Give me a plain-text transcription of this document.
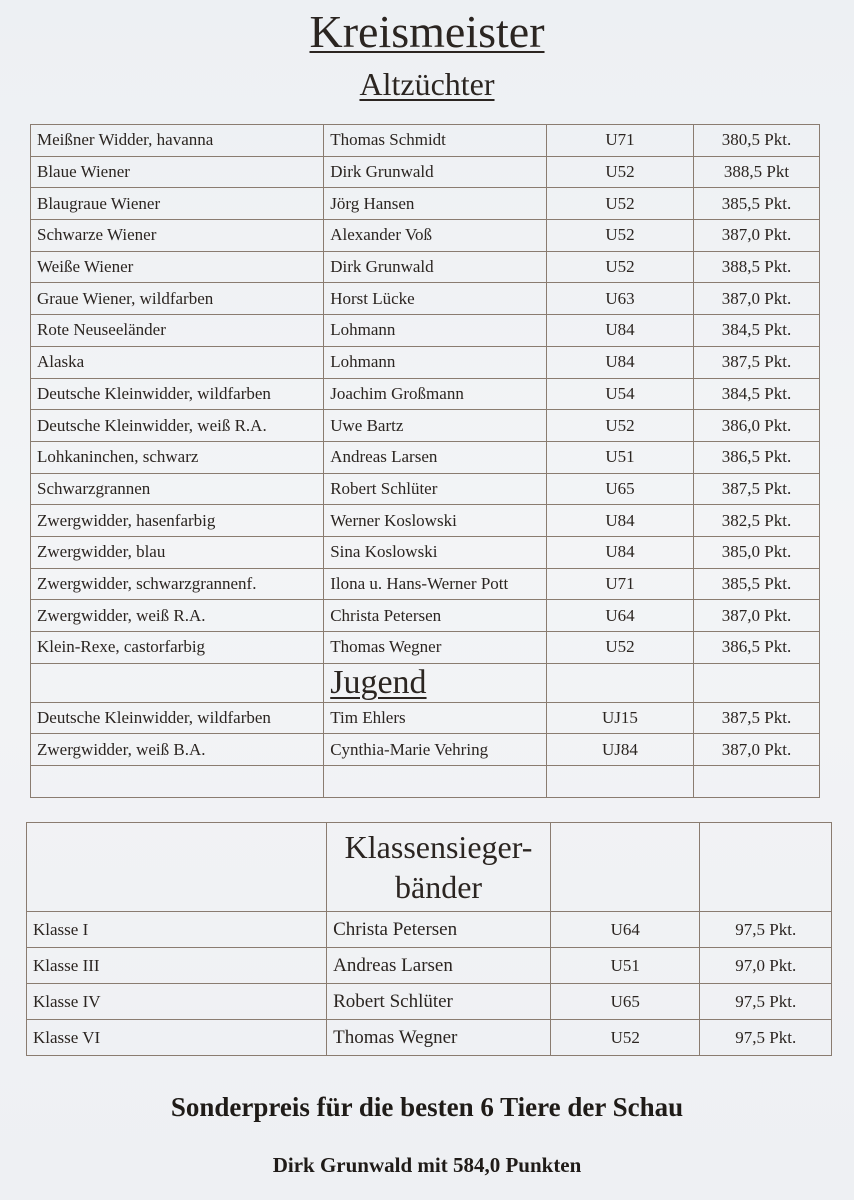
Kreismeister
Altzüchter
Meißner Widder, havanna	Thomas Schmidt	U71	380,5 Pkt.
Blaue Wiener	Dirk Grunwald	U52	388,5 Pkt
Blaugraue Wiener	Jörg Hansen	U52	385,5 Pkt.
Schwarze Wiener	Alexander Voß	U52	387,0 Pkt.
Weiße Wiener	Dirk Grunwald	U52	388,5 Pkt.
Graue Wiener, wildfarben	Horst Lücke	U63	387,0 Pkt.
Rote Neuseeländer	Lohmann	U84	384,5 Pkt.
Alaska	Lohmann	U84	387,5 Pkt.
Deutsche Kleinwidder, wildfarben	Joachim Großmann	U54	384,5 Pkt.
Deutsche Kleinwidder, weiß R.A.	Uwe Bartz	U52	386,0 Pkt.
Lohkaninchen, schwarz	Andreas Larsen	U51	386,5 Pkt.
Schwarzgrannen	Robert Schlüter	U65	387,5 Pkt.
Zwergwidder, hasenfarbig	Werner Koslowski	U84	382,5 Pkt.
Zwergwidder, blau	Sina Koslowski	U84	385,0 Pkt.
Zwergwidder, schwarzgrannenf.	Ilona u. Hans-Werner Pott	U71	385,5 Pkt.
Zwergwidder, weiß R.A.	Christa Petersen	U64	387,0 Pkt.
Klein-Rexe, castorfarbig	Thomas Wegner	U52	386,5 Pkt.
	Jugend		
Deutsche Kleinwidder, wildfarben	Tim Ehlers	UJ15	387,5 Pkt.
Zwergwidder, weiß B.A.	Cynthia-Marie Vehring	UJ84	387,0 Pkt.

	Klassensieger-
bänder		

Klasse I	Christa Petersen	U64	97,5 Pkt.
Klasse III	Andreas Larsen	U51	97,0 Pkt.
Klasse IV	Robert Schlüter	U65	97,5 Pkt.
Klasse VI	Thomas Wegner	U52	97,5 Pkt.
Sonderpreis für die besten 6 Tiere der Schau
Dirk Grunwald mit 584,0 Punkten
